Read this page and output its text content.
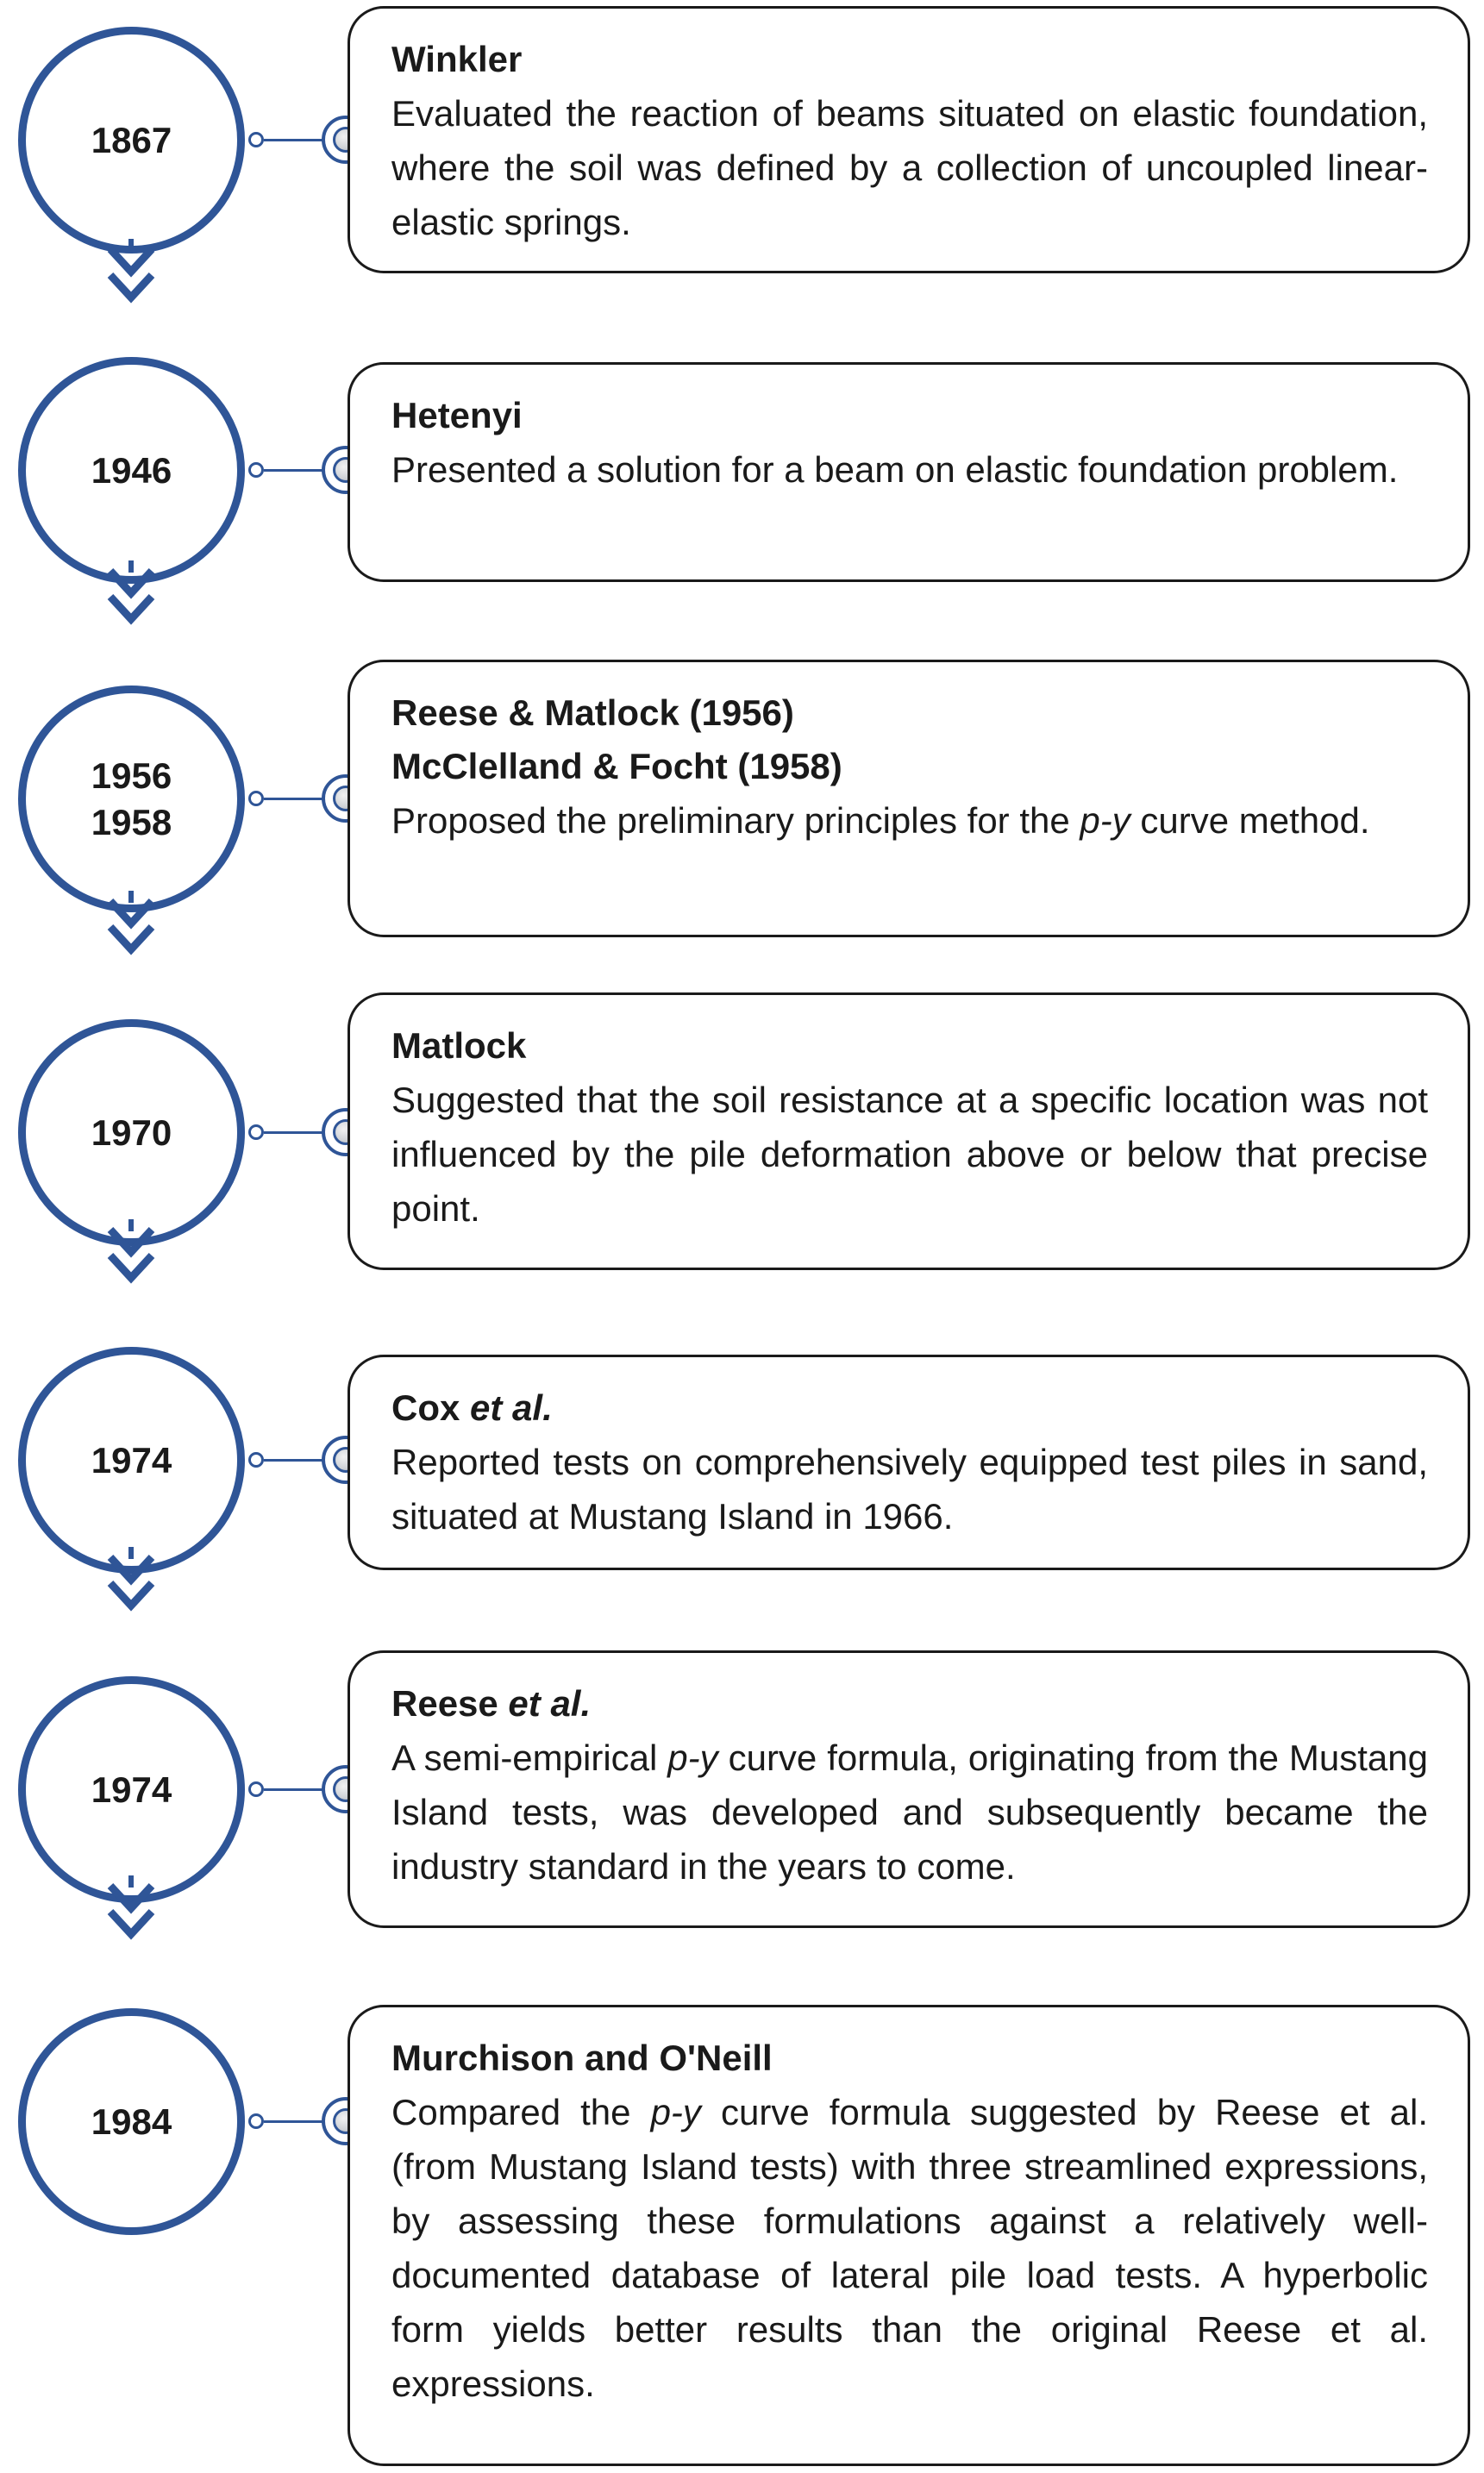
1867
Winkler
Evaluated the reaction of beams situated on elastic foundation, where the soil was defined by a collection of uncoupled linear-elastic springs.
1946
Hetenyi
Presented a solution for a beam on elastic foundation problem.
1956
1958
Reese & Matlock (1956)
McClelland & Focht (1958)
Proposed the preliminary principles for the p-y curve method.
1970
Matlock
Suggested that the soil resistance at a specific location was not influenced by the pile deformation above or below that precise point.
1974
Cox et al.
Reported tests on comprehensively equipped test piles in sand, situated at Mustang Island in 1966.
1974
Reese et al.
A semi-empirical p-y curve formula, originating from the Mustang Island tests, was developed and subsequently became the industry standard in the years to come.
1984
Murchison and O'Neill
Compared the p-y curve formula suggested by Reese et al. (from Mustang Island tests) with three streamlined expressions, by assessing these formulations against a relatively well-documented database of lateral pile load tests. A hyperbolic form yields better results than the original Reese et al. expressions.
